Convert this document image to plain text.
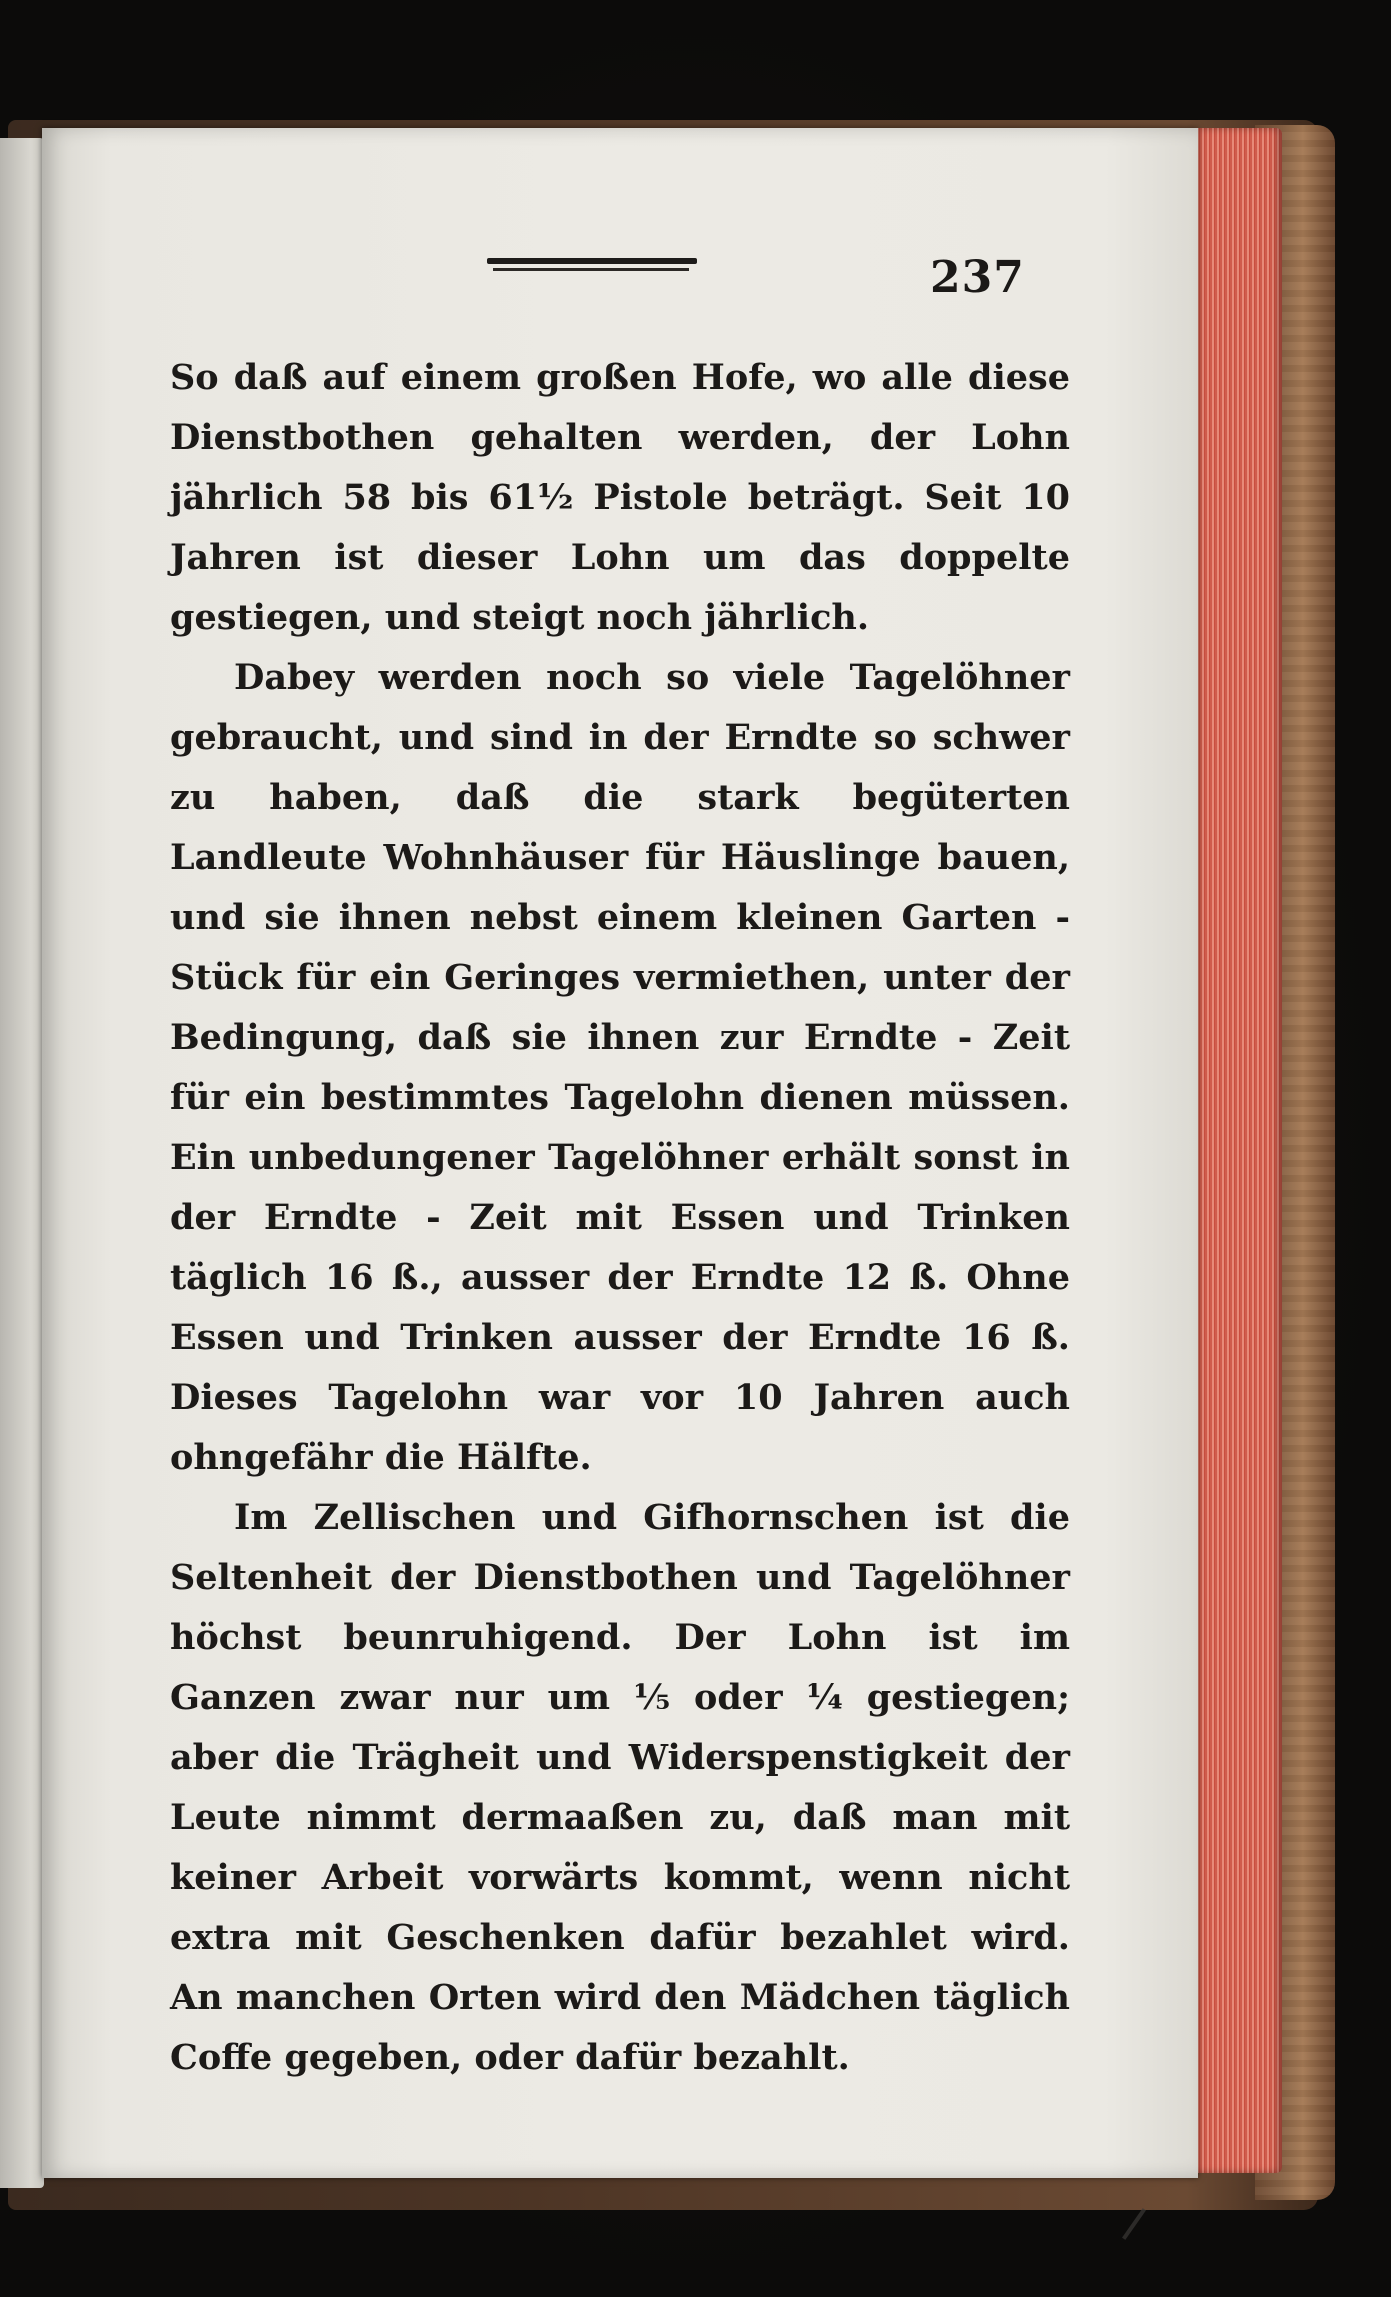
237

So daß auf einem großen Hofe, wo alle diese Dienstbothen gehalten werden, der Lohn jährlich 58 bis 61½ Pistole beträgt. Seit 10 Jahren ist dieser Lohn um das doppelte gestiegen, und steigt noch jährlich.

Dabey werden noch so viele Tagelöhner gebraucht, und sind in der Erndte so schwer zu haben, daß die stark begüterten Landleute Wohnhäuser für Häuslinge bauen, und sie ihnen nebst einem kleinen Garten - Stück für ein Geringes vermiethen, unter der Bedingung, daß sie ihnen zur Erndte - Zeit für ein bestimmtes Tagelohn dienen müssen. Ein unbedungener Tagelöhner erhält sonst in der Erndte - Zeit mit Essen und Trinken täglich 16 ß., ausser der Erndte 12 ß. Ohne Essen und Trinken ausser der Erndte 16 ß. Dieses Tagelohn war vor 10 Jahren auch ohngefähr die Hälfte.

Im Zellischen und Gifhornschen ist die Seltenheit der Dienstbothen und Tagelöhner höchst beunruhigend. Der Lohn ist im Ganzen zwar nur um ⅕ oder ¼ gestiegen; aber die Trägheit und Widerspenstigkeit der Leute nimmt dermaaßen zu, daß man mit keiner Arbeit vorwärts kommt, wenn nicht extra mit Geschenken dafür bezahlet wird. An manchen Orten wird den Mädchen täglich Coffe gegeben, oder dafür bezahlt.
